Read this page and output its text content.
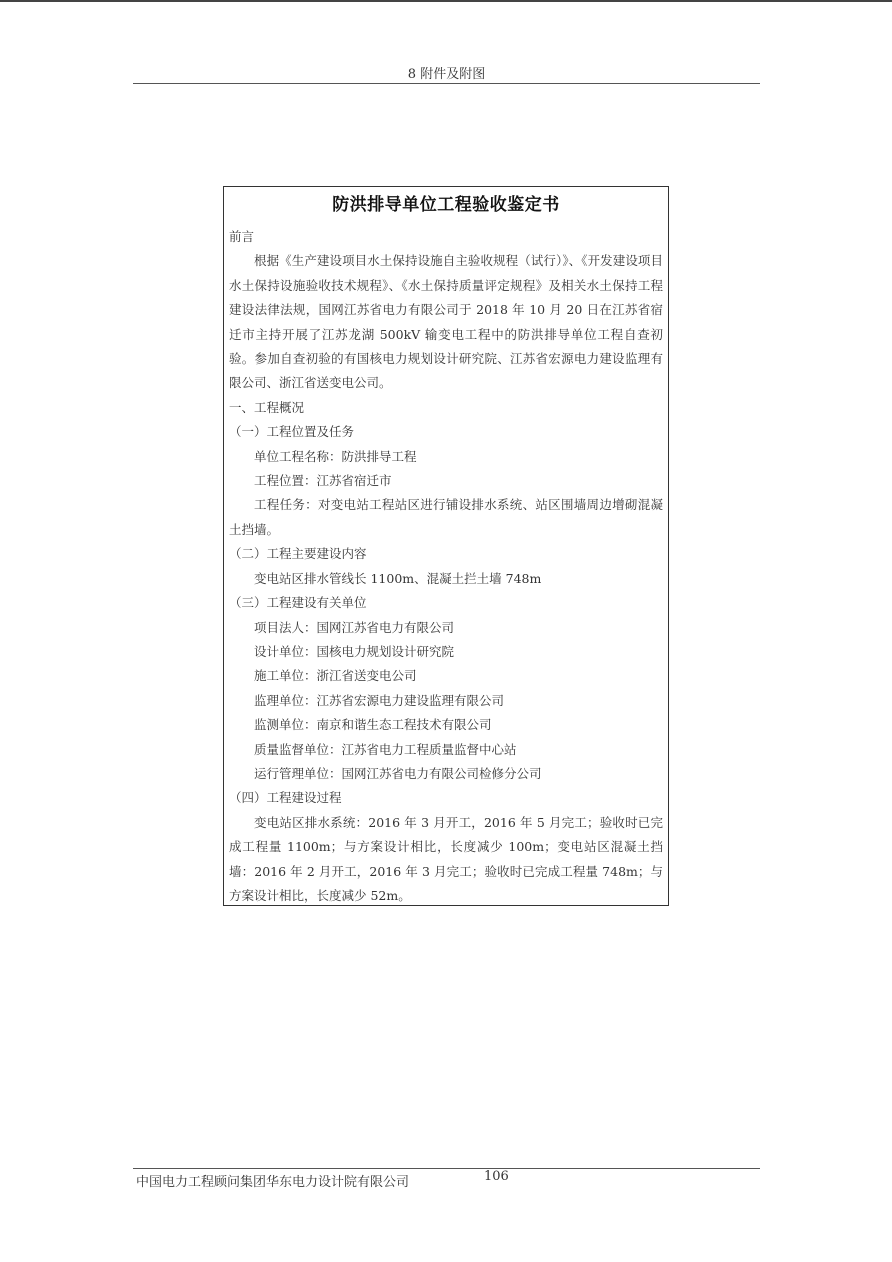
8 附件及附图
防洪排导单位工程验收鉴定书

前言

根据《生产建设项目水土保持设施自主验收规程（试行）》、《开发建设项目水土保持设施验收技术规程》、《水土保持质量评定规程》及相关水土保持工程建设法律法规，国网江苏省电力有限公司于 2018 年 10 月 20 日在江苏省宿迁市主持开展了江苏龙湖 500kV 输变电工程中的防洪排导单位工程自查初验。参加自查初验的有国核电力规划设计研究院、江苏省宏源电力建设监理有限公司、浙江省送变电公司。

一、工程概况

（一）工程位置及任务

单位工程名称：防洪排导工程

工程位置：江苏省宿迁市

工程任务：对变电站工程站区进行铺设排水系统、站区围墙周边增砌混凝土挡墙。

（二）工程主要建设内容

变电站区排水管线长 1100m、混凝土拦土墙 748m

（三）工程建设有关单位

项目法人：国网江苏省电力有限公司

设计单位：国核电力规划设计研究院

施工单位：浙江省送变电公司

监理单位：江苏省宏源电力建设监理有限公司

监测单位：南京和谐生态工程技术有限公司

质量监督单位：江苏省电力工程质量监督中心站

运行管理单位：国网江苏省电力有限公司检修分公司

（四）工程建设过程

变电站区排水系统：2016 年 3 月开工，2016 年 5 月完工；验收时已完成工程量 1100m；与方案设计相比，长度减少 100m；变电站区混凝土挡墙：2016 年 2 月开工，2016 年 3 月完工；验收时已完成工程量 748m；与方案设计相比，长度减少 52m。

中国电力工程顾问集团华东电力设计院有限公司	106
